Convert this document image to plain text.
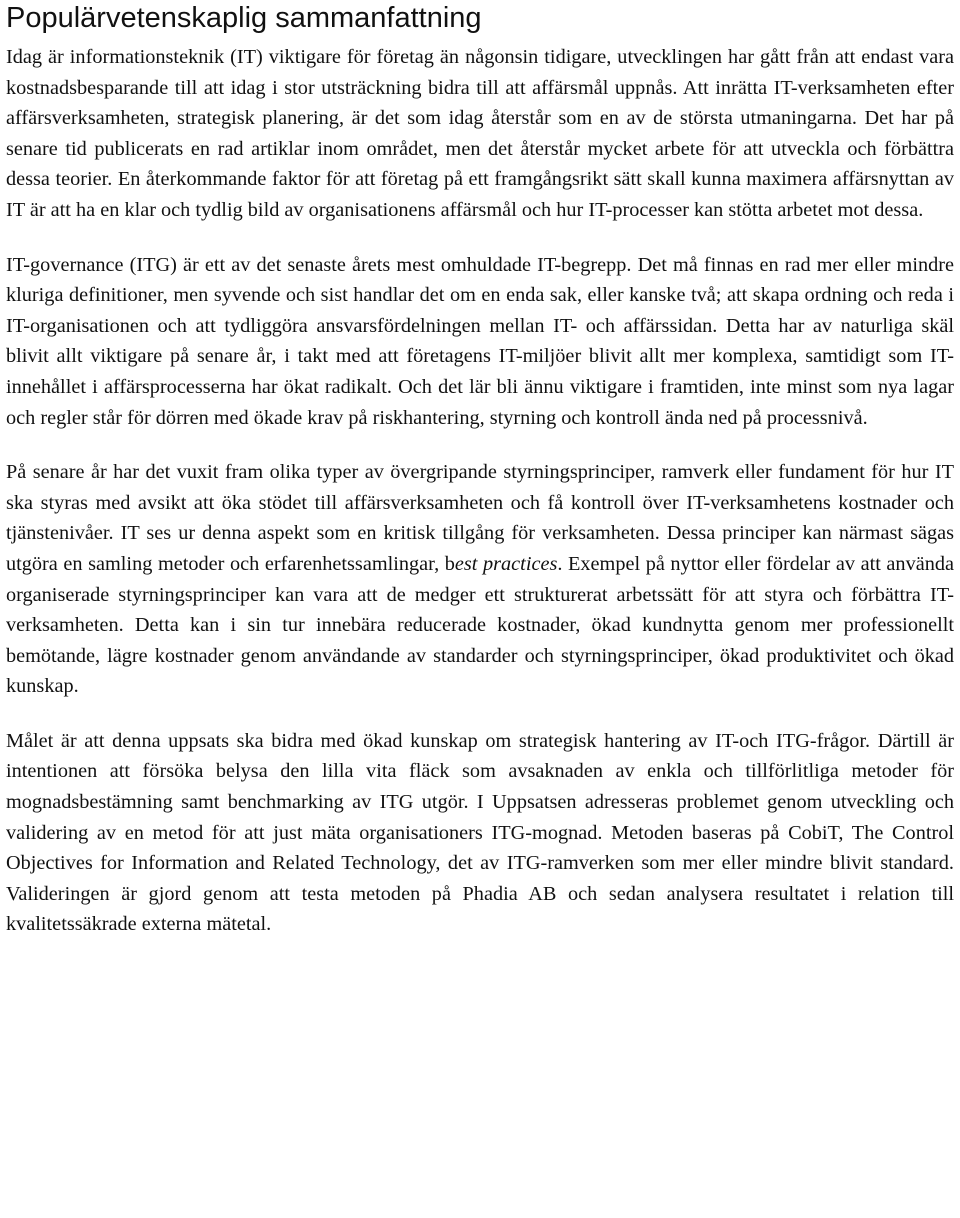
Populärvetenskaplig sammanfattning

Idag är informationsteknik (IT) viktigare för företag än någonsin tidigare, utvecklingen har gått från att endast vara kostnadsbesparande till att idag i stor utsträckning bidra till att affärsmål uppnås. Att inrätta IT-verksamheten efter affärsverksamheten, strategisk planering, är det som idag återstår som en av de största utmaningarna. Det har på senare tid publicerats en rad artiklar inom området, men det återstår mycket arbete för att utveckla och förbättra dessa teorier. En återkommande faktor för att företag på ett framgångsrikt sätt skall kunna maximera affärsnyttan av IT är att ha en klar och tydlig bild av organisationens affärsmål och hur IT-processer kan stötta arbetet mot dessa.

IT-governance (ITG) är ett av det senaste årets mest omhuldade IT-begrepp. Det må finnas en rad mer eller mindre kluriga definitioner, men syvende och sist handlar det om en enda sak, eller kanske två; att skapa ordning och reda i IT-organisationen och att tydliggöra ansvarsfördelningen mellan IT- och affärssidan. Detta har av naturliga skäl blivit allt viktigare på senare år, i takt med att företagens IT-miljöer blivit allt mer komplexa, samtidigt som IT-innehållet i affärsprocesserna har ökat radikalt. Och det lär bli ännu viktigare i framtiden, inte minst som nya lagar och regler står för dörren med ökade krav på riskhantering, styrning och kontroll ända ned på processnivå.

På senare år har det vuxit fram olika typer av övergripande styrningsprinciper, ramverk eller fundament för hur IT ska styras med avsikt att öka stödet till affärsverksamheten och få kontroll över IT-verksamhetens kostnader och tjänstenivåer. IT ses ur denna aspekt som en kritisk tillgång för verksamheten. Dessa principer kan närmast sägas utgöra en samling metoder och erfarenhetssamlingar, best practices. Exempel på nyttor eller fördelar av att använda organiserade styrningsprinciper kan vara att de medger ett strukturerat arbetssätt för att styra och förbättra IT-verksamheten. Detta kan i sin tur innebära reducerade kostnader, ökad kundnytta genom mer professionellt bemötande, lägre kostnader genom användande av standarder och styrningsprinciper, ökad produktivitet och ökad kunskap.

Målet är att denna uppsats ska bidra med ökad kunskap om strategisk hantering av IT-och ITG-frågor. Därtill är intentionen att försöka belysa den lilla vita fläck som avsaknaden av enkla och tillförlitliga metoder för mognadsbestämning samt benchmarking av ITG utgör. I Uppsatsen adresseras problemet genom utveckling och validering av en metod för att just mäta organisationers ITG-mognad. Metoden baseras på CobiT, The Control Objectives for Information and Related Technology, det av ITG-ramverken som mer eller mindre blivit standard. Valideringen är gjord genom att testa metoden på Phadia AB och sedan analysera resultatet i relation till kvalitetssäkrade externa mätetal.
